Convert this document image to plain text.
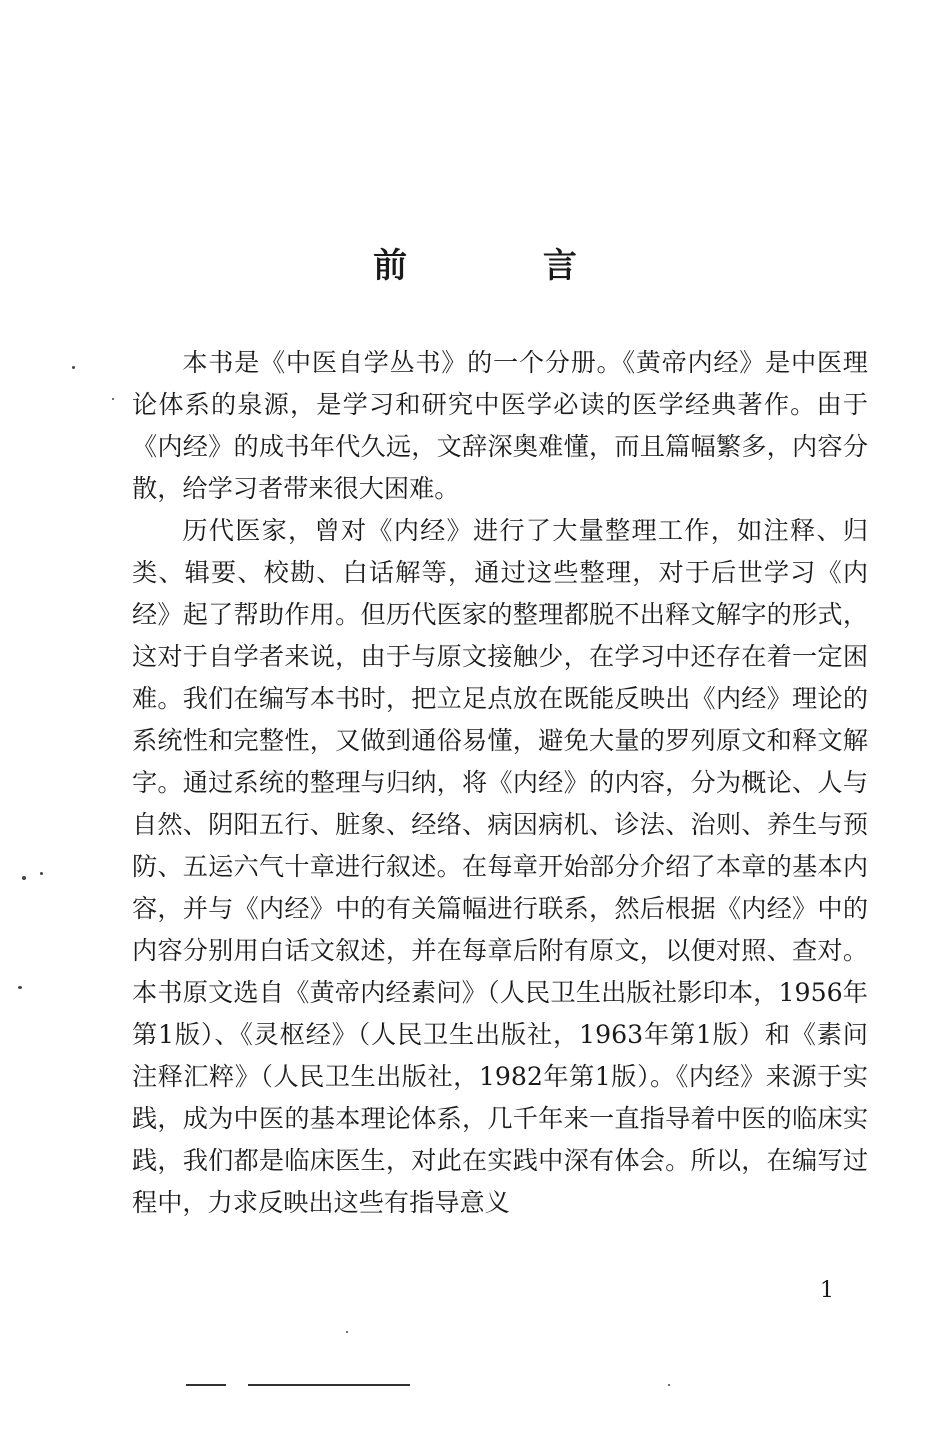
前 言

本书是《中医自学丛书》的一个分册。《黄帝内经》是中医理论体系的泉源，是学习和研究中医学必读的医学经典著作。由于《内经》的成书年代久远，文辞深奥难懂，而且篇幅繁多，内容分散，给学习者带来很大困难。

历代医家，曾对《内经》进行了大量整理工作，如注释、归类、辑要、校勘、白话解等，通过这些整理，对于后世学习《内经》起了帮助作用。但历代医家的整理都脱不出释文解字的形式，这对于自学者来说，由于与原文接触少，在学习中还存在着一定困难。我们在编写本书时，把立足点放在既能反映出《内经》理论的系统性和完整性，又做到通俗易懂，避免大量的罗列原文和释文解字。通过系统的整理与归纳，将《内经》的内容，分为概论、人与自然、阴阳五行、脏象、经络、病因病机、诊法、治则、养生与预防、五运六气十章进行叙述。在每章开始部分介绍了本章的基本内容，并与《内经》中的有关篇幅进行联系，然后根据《内经》中的内容分别用白话文叙述，并在每章后附有原文，以便对照、查对。本书原文选自《黄帝内经素问》（人民卫生出版社影印本，1956年第1版）、《灵枢经》（人民卫生出版社，1963年第1版）和《素问注释汇粹》（人民卫生出版社，1982年第1版）。《内经》来源于实践，成为中医的基本理论体系，几千年来一直指导着中医的临床实践，我们都是临床医生，对此在实践中深有体会。所以，在编写过程中，力求反映出这些有指导意义

1
